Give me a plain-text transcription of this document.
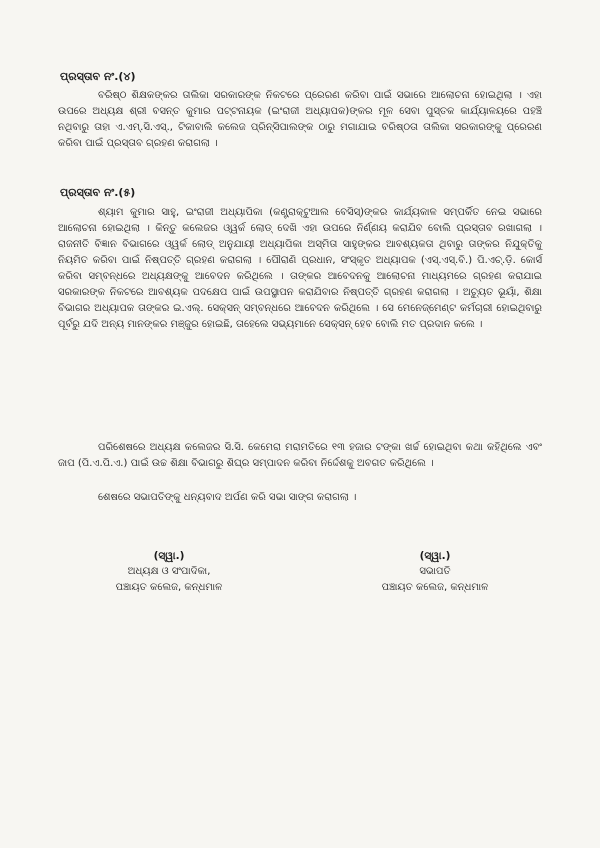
ପ୍ରସ୍ତାବ ନଂ.(୪)

ବରିଷ୍ଠ ଶିକ୍ଷକଙ୍କର ତାଲିକା ସରକାରଙ୍କ ନିକଟରେ ପ୍ରେରଣ କରିବା ପାଇଁ ସଭାରେ ଆଲୋଚନା ହୋଇଥିଲା । ଏହା ଉପରେ ଅଧ୍ୟକ୍ଷ ଶ୍ରୀ ବସନ୍ତ କୁମାର ପଟ୍ଟନାୟକ (ଇଂରାଜୀ ଅଧ୍ୟାପକ)ଙ୍କର ମୂଳ ସେବା ପୁସ୍ତକ କାର୍ଯ୍ୟାଳୟରେ ପହଞ୍ଚି ନଥିବାରୁ ତାହା ଏ.ଏମ୍.ସି.ଏସ୍., ଟିକାବାଲି କଲେଜ ପ୍ରିନ୍ସିପାଲଙ୍କ ଠାରୁ ମଗାଯାଇ ବରିଷ୍ଠତା ତାଲିକା ସରକାରଙ୍କୁ ପ୍ରେରଣ କରିବା ପାଇଁ ପ୍ରସ୍ତାବ ଗ୍ରହଣ କରାଗଲା ।

ପ୍ରସ୍ତାବ ନଂ.(୫)

ଶ୍ୟାମ କୁମାର ସାହୁ, ଇଂରାଜୀ ଅଧ୍ୟାପିକା (କଣ୍ଟ୍ରାକ୍ଟୁଆଲ ବେସିସ୍)ଙ୍କର କାର୍ଯ୍ୟକାଳ ସମ୍ପର୍କିତ ନେଇ ସଭାରେ ଆଲୋଚନା ହୋଇଥିଲା । କିନ୍ତୁ କଲେଜର ଓ୍ୱର୍କ ଲୋଡ୍ ଦେଖି ଏହା ଉପରେ ନିର୍ଣ୍ଣୟ କରାଯିବ ବୋଲି ପ୍ରସ୍ତାବ ରଖାଗଲା । ରାଜନୀତି ବିଜ୍ଞାନ ବିଭାଗରେ ଓ୍ୱର୍କ ଲୋଡ୍ ଅନୁଯାୟୀ ଅଧ୍ୟାପିକା ଅସ୍ମିତା ସାହୁଙ୍କର ଆବଶ୍ୟକତା ଥିବାରୁ ତାଙ୍କର ନିଯୁକ୍ତିକୁ ନିୟମିତ କରିବା ପାଇଁ ନିଷ୍ପତ୍ତି ଗ୍ରହଣ କରାଗଲା । ପୌରାଣି ପ୍ରଧାନ, ସଂସ୍କୃତ ଅଧ୍ୟାପକ (ଏସ୍.ଏସ୍.ବି.) ପି.ଏଚ୍.ଡ଼ି. କୋର୍ସ କରିବା ସମ୍ବନ୍ଧରେ ଅଧ୍ୟକ୍ଷଙ୍କୁ ଆବେଦନ କରିଥିଲେ । ତାଙ୍କର ଆବେଦନକୁ ଆଲୋଚନା ମାଧ୍ୟମରେ ଗ୍ରହଣ କରାଯାଇ ସରକାରଙ୍କ ନିକଟରେ ଆବଶ୍ୟକ ପଦକ୍ଷେପ ପାଇଁ ଉପସ୍ଥାପନ କରାଯିବାର ନିଷ୍ପତ୍ତି ଗ୍ରହଣ କରାଗଲା । ଅଚ୍ୟୁତ ଭୂୟାଁ, ଶିକ୍ଷା ବିଭାଗର ଅଧ୍ୟାପକ ତାଙ୍କର ଇ.ଏଲ୍. ସେକ୍ସନ୍ ସମ୍ବନ୍ଧରେ ଆବେଦନ କରିଥିଲେ । ସେ ମେନେଜ୍‌ମେଣ୍ଟ କର୍ମଚାରୀ ହୋଇଥିବାରୁ ପୂର୍ବରୁ ଯଦି ଅନ୍ୟ ମାନଙ୍କର ମଞ୍ଜୁର ହୋଇଛି, ତାହେଲେ ସଭ୍ୟମାନେ ସେକ୍ସନ୍ ହେବ ବୋଲି ମତ ପ୍ରଦାନ କଲେ ।

ପରିଶେଷରେ ଅଧ୍ୟକ୍ଷ କଲେଜର ସି.ସି. କେମେରା ମରାମତିରେ ୧୩ ହଜାର ଟଙ୍କା ଖର୍ଚ୍ଚ ହୋଇଥିବା କଥା କହିଥିଲେ ଏବଂ ଜାପ (ପି.ଏ.ପି.ଏ.) ପାଇଁ ଉଚ୍ଚ ଶିକ୍ଷା ବିଭାଗରୁ ଶିଘ୍ର ସମ୍ପାଦନ କରିବା ନିର୍ଦ୍ଦେଶକୁ ଅବଗତ କରିଥିଲେ ।

ଶେଷରେ ସଭାପତିଙ୍କୁ ଧନ୍ୟବାଦ ଅର୍ପଣ କରି ସଭା ସାଙ୍ଗ କରାଗଲା ।

(ସ୍ୱା.)
ଅଧ୍ୟକ୍ଷ ଓ ସଂପାଦିକା,
ପଞ୍ଚାୟତ କଲେଜ, କନ୍ଧମାଳ
(ସ୍ୱା.)
ସଭାପତି
ପଞ୍ଚାୟତ କଲେଜ, କନ୍ଧମାଳ
